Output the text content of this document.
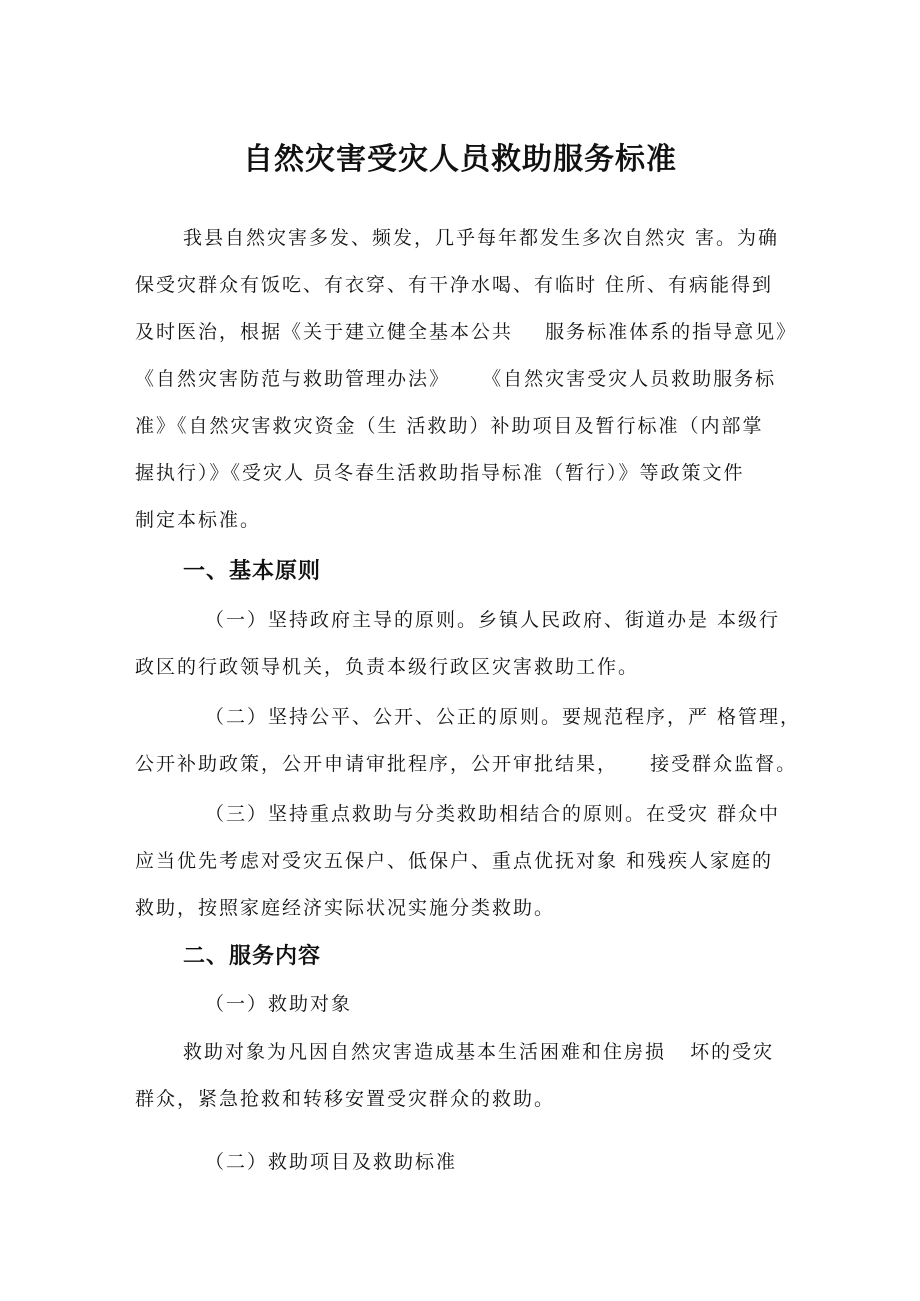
自然灾害受灾人员救助服务标准
我县自然灾害多发、频发，几乎每年都发生多次自然灾 害。为确
保受灾群众有饭吃、有衣穿、有干净水喝、有临时 住所、有病能得到
及时医治，根据《关于建立健全基本公共    服务标准体系的指导意见》
《自然灾害防范与救助管理办法》    《自然灾害受灾人员救助服务标
准》《自然灾害救灾资金（生 活救助）补助项目及暂行标准（内部掌
握执行）》《受灾人 员冬春生活救助指导标准（暂行）》等政策文件
制定本标准。
一、基本原则
（一）坚持政府主导的原则。乡镇人民政府、街道办是 本级行
政区的行政领导机关，负责本级行政区灾害救助工作。
（二）坚持公平、公开、公正的原则。要规范程序，严 格管理，
公开补助政策，公开申请审批程序，公开审批结果，    接受群众监督。
（三）坚持重点救助与分类救助相结合的原则。在受灾 群众中
应当优先考虑对受灾五保户、低保户、重点优抚对象 和残疾人家庭的
救助，按照家庭经济实际状况实施分类救助。
二、服务内容
（一）救助对象
救助对象为凡因自然灾害造成基本生活困难和住房损   坏的受灾
群众，紧急抢救和转移安置受灾群众的救助。
（二）救助项目及救助标准
